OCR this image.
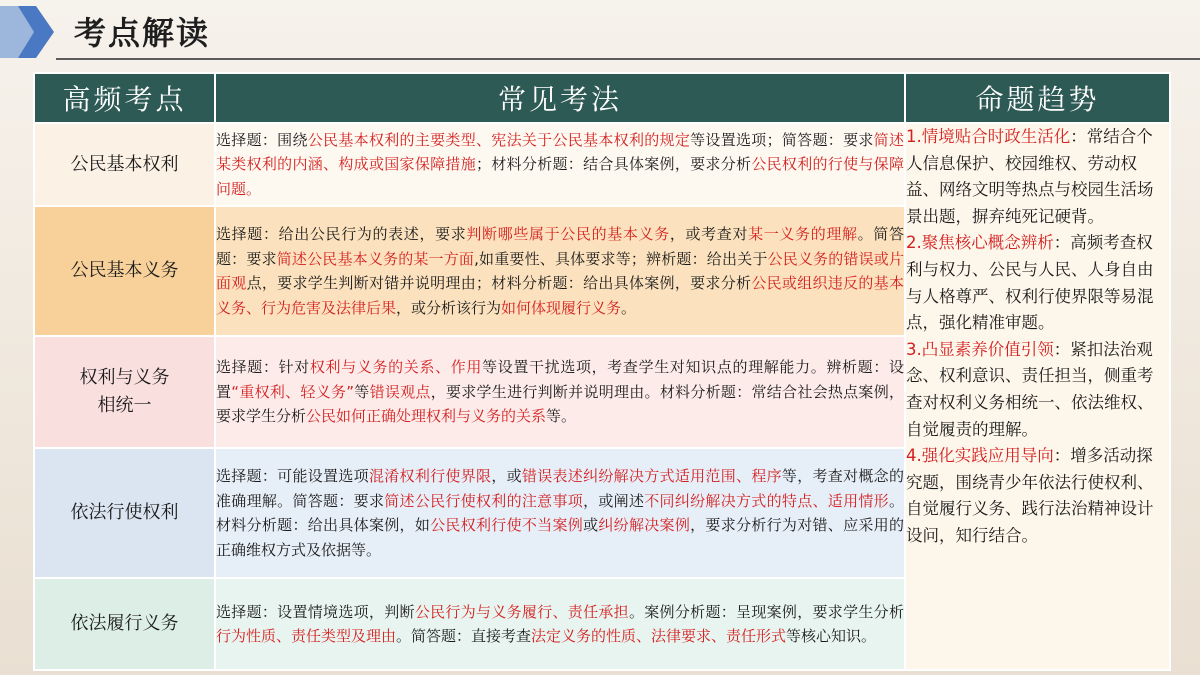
考点解读
高频考点	常见考法	命题趋势
公民基本权利	选择题：围绕公民基本权利的主要类型、宪法关于公民基本权利的规定等设置选项；简答题：要求简述某类权利的内涵、构成或国家保障措施；材料分析题：结合具体案例，要求分析公民权利的行使与保障问题。	1.情境贴合时政生活化：常结合个人信息保护、校园维权、劳动权益、网络文明等热点与校园生活场景出题，摒弃纯死记硬背。
2.聚焦核心概念辨析：高频考查权利与权力、公民与人民、人身自由与人格尊严、权利行使界限等易混点，强化精准审题。
3.凸显素养价值引领：紧扣法治观念、权利意识、责任担当，侧重考查对权利义务相统一、依法维权、自觉履责的理解。
4.强化实践应用导向：增多活动探究题，围绕青少年依法行使权利、自觉履行义务、践行法治精神设计设问，知行结合。

公民基本义务	选择题：给出公民行为的表述，要求判断哪些属于公民的基本义务，或考查对某一义务的理解。简答题：要求简述公民基本义务的某一方面,如重要性、具体要求等；辨析题：给出关于公民义务的错误或片面观点，要求学生判断对错并说明理由；材料分析题：给出具体案例，要求分析公民或组织违反的基本义务、行为危害及法律后果，或分析该行为如何体现履行义务。	
权利与义务
相统一	选择题：针对权利与义务的关系、作用等设置干扰选项，考查学生对知识点的理解能力。辨析题：设置“重权利、轻义务”等错误观点，要求学生进行判断并说明理由。材料分析题：常结合社会热点案例，要求学生分析公民如何正确处理权利与义务的关系等。	
依法行使权利	选择题：可能设置选项混淆权利行使界限，或错误表述纠纷解决方式适用范围、程序等，考查对概念的准确理解。简答题：要求简述公民行使权利的注意事项，或阐述不同纠纷解决方式的特点、适用情形。材料分析题：给出具体案例，如公民权利行使不当案例或纠纷解决案例，要求分析行为对错、应采用的正确维权方式及依据等。	
依法履行义务	选择题：设置情境选项，判断公民行为与义务履行、责任承担。案例分析题：呈现案例，要求学生分析行为性质、责任类型及理由。简答题：直接考查法定义务的性质、法律要求、责任形式等核心知识。	
